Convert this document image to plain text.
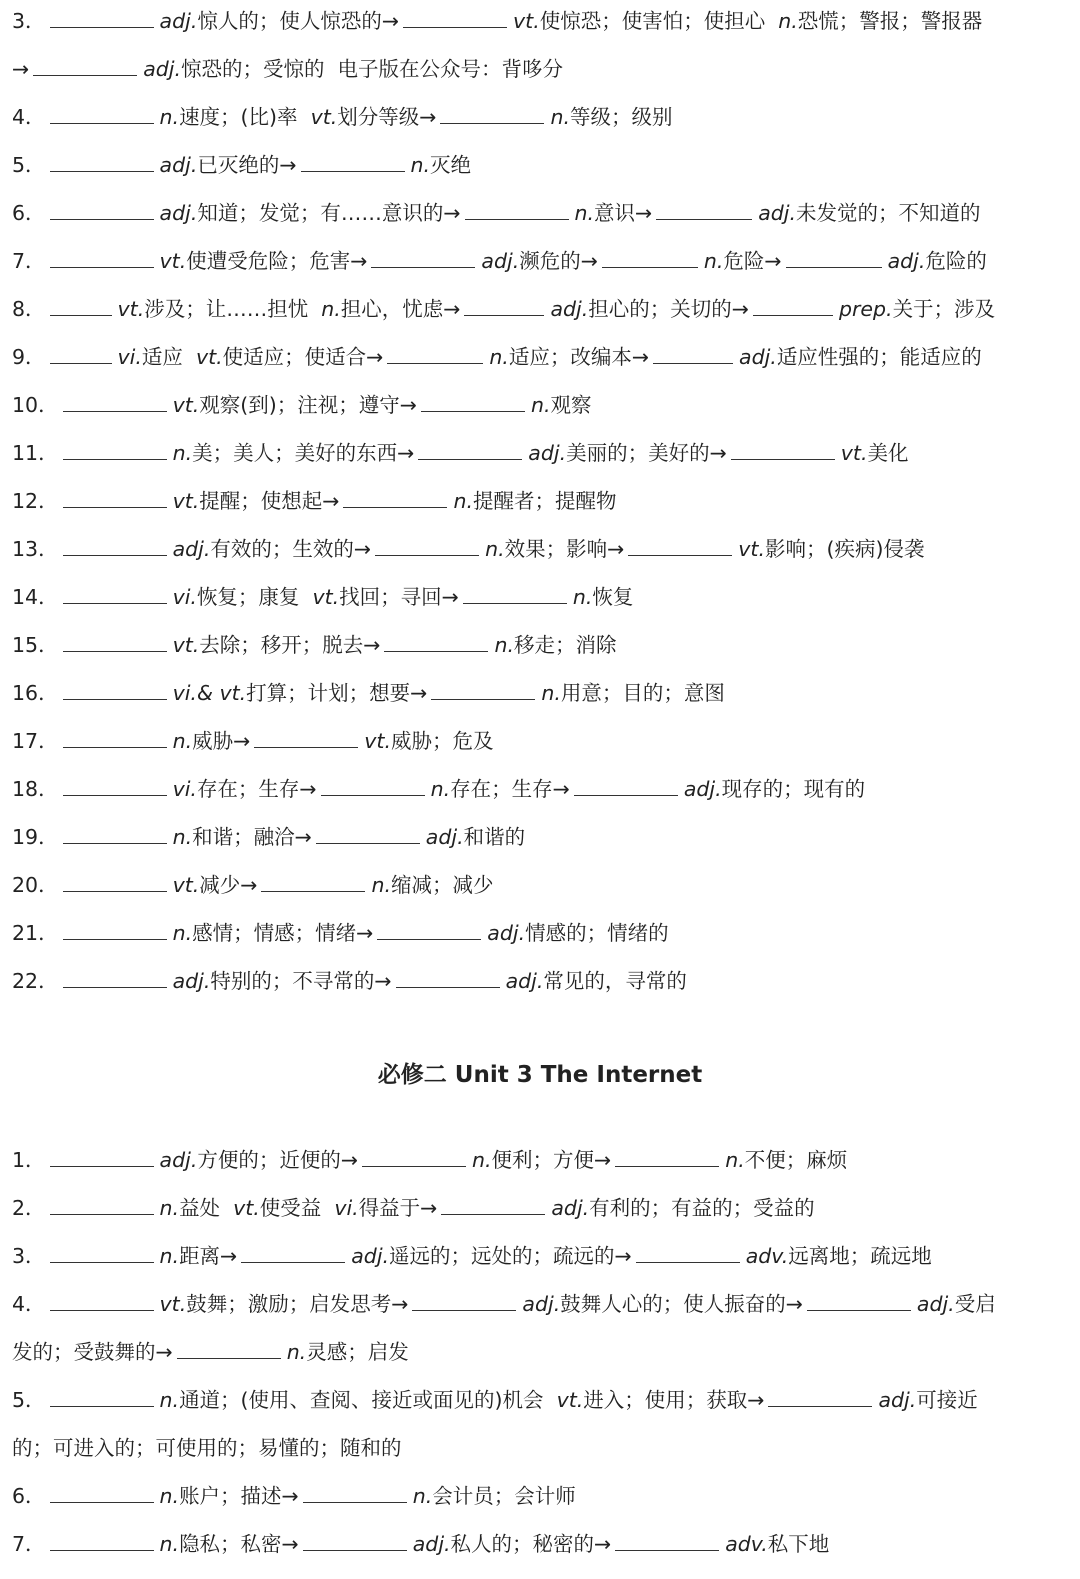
3．	adj.惊人的；使人惊恐的→	vt.使惊恐；使害怕；使担心  n.恐慌；警报；警报器
→	adj.惊恐的；受惊的  电子版在公众号：背哆分
4．	n.速度；(比)率  vt.划分等级→	n.等级；级别
5．	adj.已灭绝的→	n.灭绝
6．	adj.知道；发觉；有……意识的→	n.意识→	adj.未发觉的；不知道的
7．	vt.使遭受危险；危害→	adj.濒危的→	n.危险→	adj.危险的
8．	vt.涉及；让……担忧  n.担心，忧虑→	adj.担心的；关切的→	prep.关于；涉及
9．	vi.适应  vt.使适应；使适合→	n.适应；改编本→	adj.适应性强的；能适应的
10．	vt.观察(到)；注视；遵守→	n.观察
11．	n.美；美人；美好的东西→	adj.美丽的；美好的→	vt.美化
12．	vt.提醒；使想起→	n.提醒者；提醒物
13．	adj.有效的；生效的→	n.效果；影响→	vt.影响；(疾病)侵袭
14．	vi.恢复；康复  vt.找回；寻回→	n.恢复
15．	vt.去除；移开；脱去→	n.移走；消除
16．	vi.& vt.打算；计划；想要→	n.用意；目的；意图
17．	n.威胁→	vt.威胁；危及
18．	vi.存在；生存→	n.存在；生存→	adj.现存的；现有的
19．	n.和谐；融洽→	adj.和谐的
20．	vt.减少→	n.缩减；减少
21．	n.感情；情感；情绪→	adj.情感的；情绪的
22．	adj.特别的；不寻常的→	adj.常见的，寻常的
必修二 Unit 3 The Internet
1．	adj.方便的；近便的→	n.便利；方便→	n.不便；麻烦
2．	n.益处  vt.使受益  vi.得益于→	adj.有利的；有益的；受益的
3．	n.距离→	adj.遥远的；远处的；疏远的→	adv.远离地；疏远地
4．	vt.鼓舞；激励；启发思考→	adj.鼓舞人心的；使人振奋的→	adj.受启
发的；受鼓舞的→	n.灵感；启发
5．	n.通道；(使用、查阅、接近或面见的)机会  vt.进入；使用；获取→	adj.可接近
的；可进入的；可使用的；易懂的；随和的
6．	n.账户；描述→	n.会计员；会计师
7．	n.隐私；私密→	adj.私人的；秘密的→	adv.私下地
